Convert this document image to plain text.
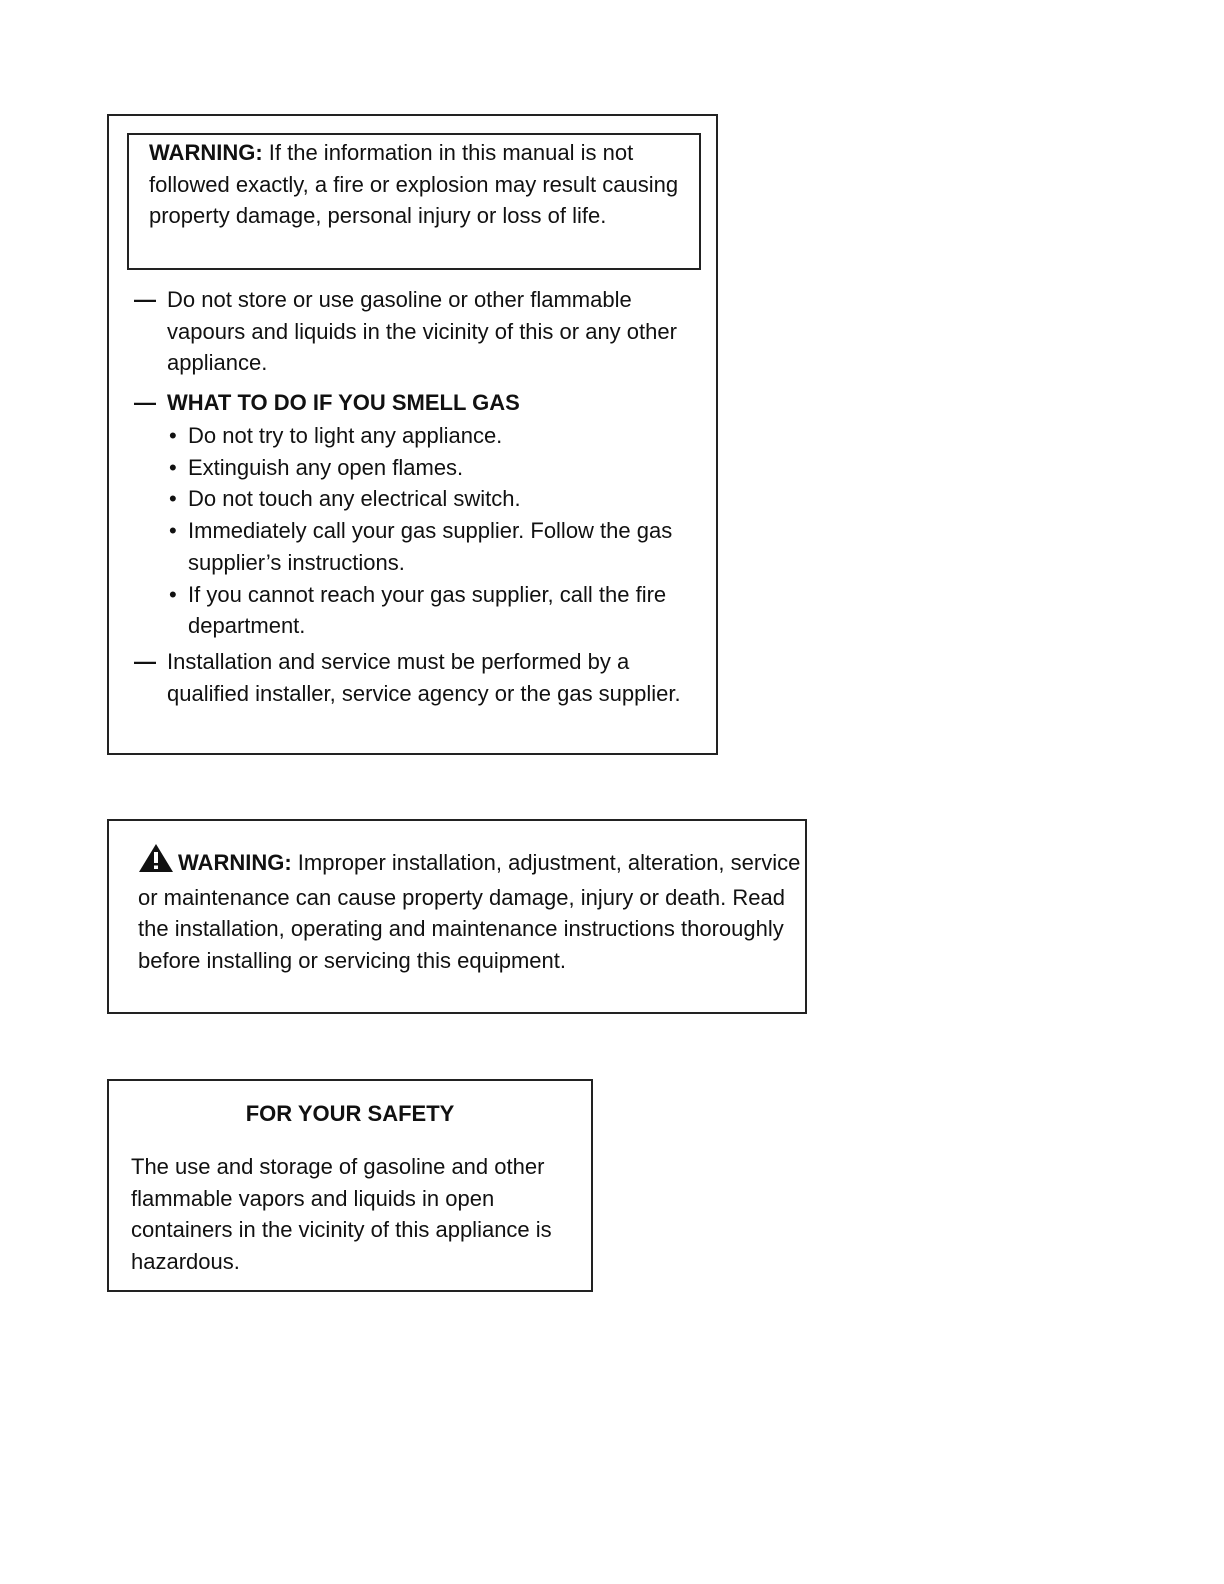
WARNING: If the information in this manual is not followed exactly, a fire or explosion may result causing property damage, personal injury or loss of life.
— Do not store or use gasoline or other flammable vapours and liquids in the vicinity of this or any other appliance.
— WHAT TO DO IF YOU SMELL GAS
• Do not try to light any appliance.
• Extinguish any open flames.
• Do not touch any electrical switch.
• Immediately call your gas supplier. Follow the gas supplier’s instructions.
• If you cannot reach your gas supplier, call the fire department.
— Installation and service must be performed by a qualified installer, service agency or the gas supplier.
WARNING: Improper installation, adjustment, alteration, service or maintenance can cause property damage, injury or death. Read the installation, operating and maintenance instructions thoroughly before installing or servicing this equipment.
FOR YOUR SAFETY
The use and storage of gasoline and other flammable vapors and liquids in open containers in the vicinity of this appliance is hazardous.
